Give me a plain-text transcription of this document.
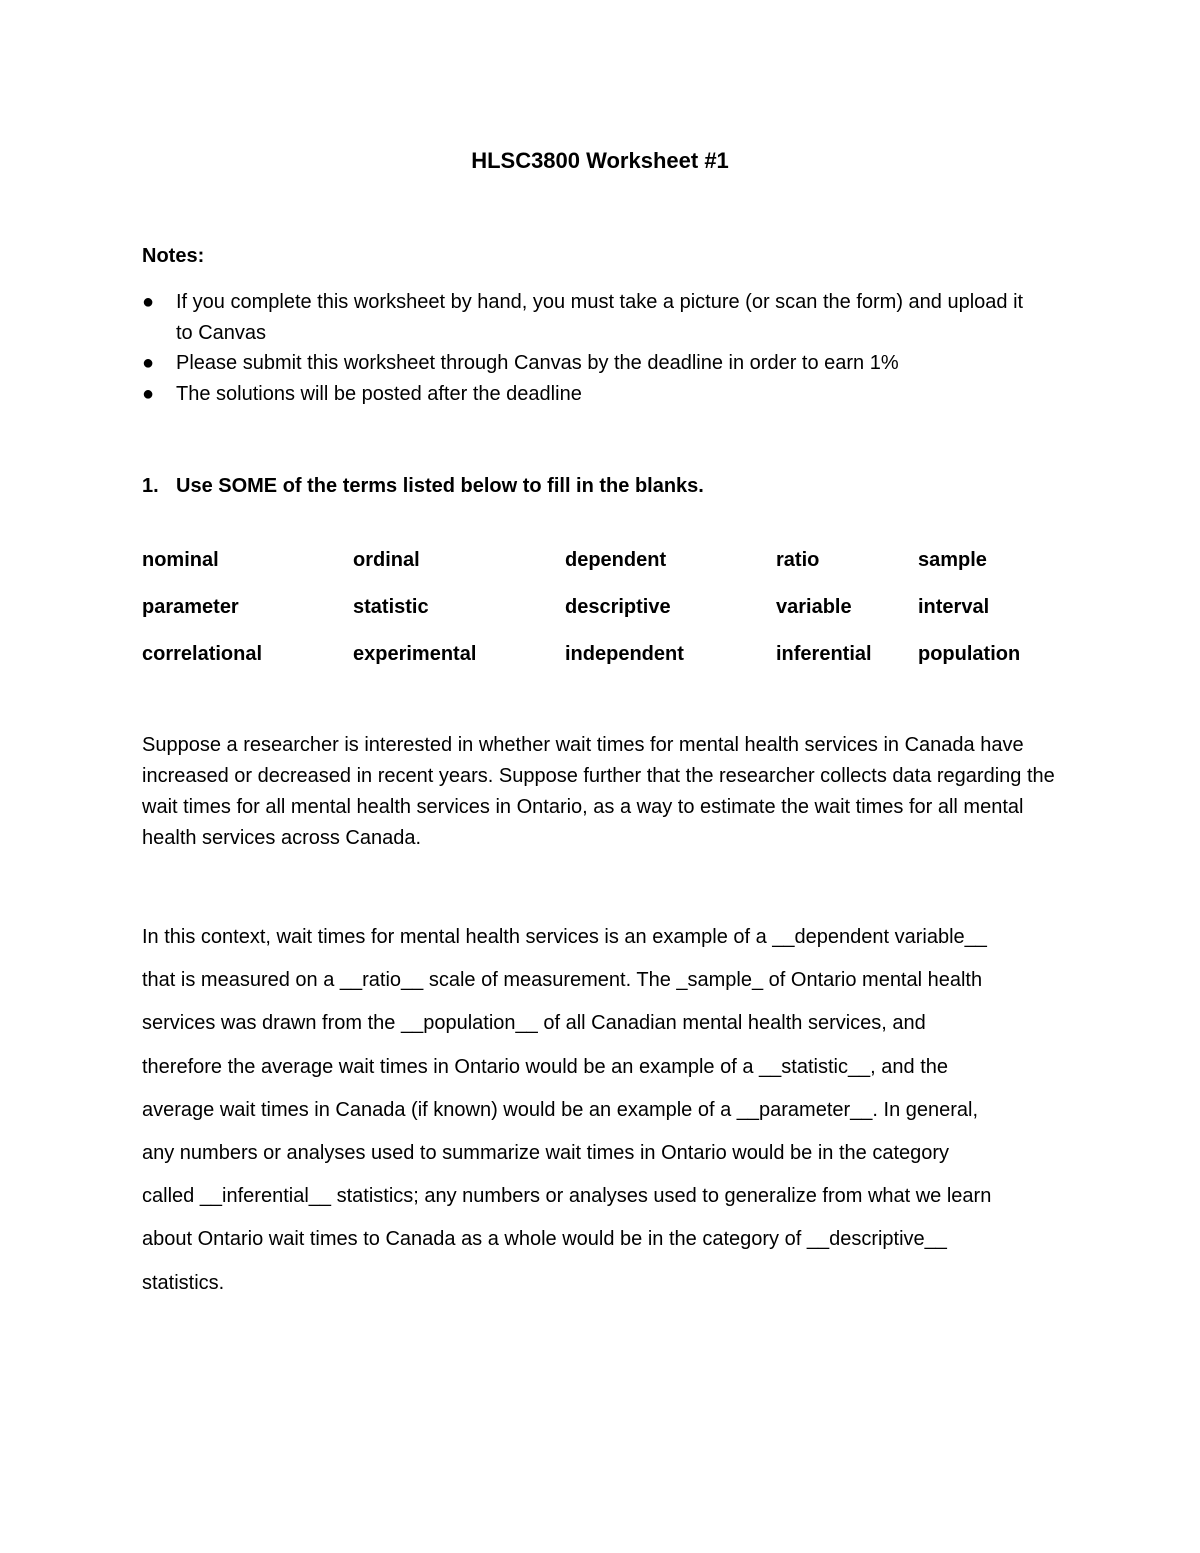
HLSC3800 Worksheet #1
Notes:
●	If you complete this worksheet by hand, you must take a picture (or scan the form) and upload it to Canvas
●	Please submit this worksheet through Canvas by the deadline in order to earn 1%
●	The solutions will be posted after the deadline
1. Use SOME of the terms listed below to fill in the blanks.
nominal	ordinal	dependent	ratio	sample
parameter	statistic	descriptive	variable	interval
correlational	experimental	independent	inferential population

Suppose a researcher is interested in whether wait times for mental health services in Canada have increased or decreased in recent years. Suppose further that the researcher collects data regarding the wait times for all mental health services in Ontario, as a way to estimate the wait times for all mental health services across Canada.

In this context, wait times for mental health services is an example of a __dependent variable__
that is measured on a __ratio__ scale of measurement. The _sample_ of Ontario mental health
services was drawn from the __population__ of all Canadian mental health services, and
therefore the average wait times in Ontario would be an example of a __statistic__, and the
average wait times in Canada (if known) would be an example of a __parameter__. In general,
any numbers or analyses used to summarize wait times in Ontario would be in the category
called __inferential__ statistics; any numbers or analyses used to generalize from what we learn
about Ontario wait times to Canada as a whole would be in the category of __descriptive__
statistics.
